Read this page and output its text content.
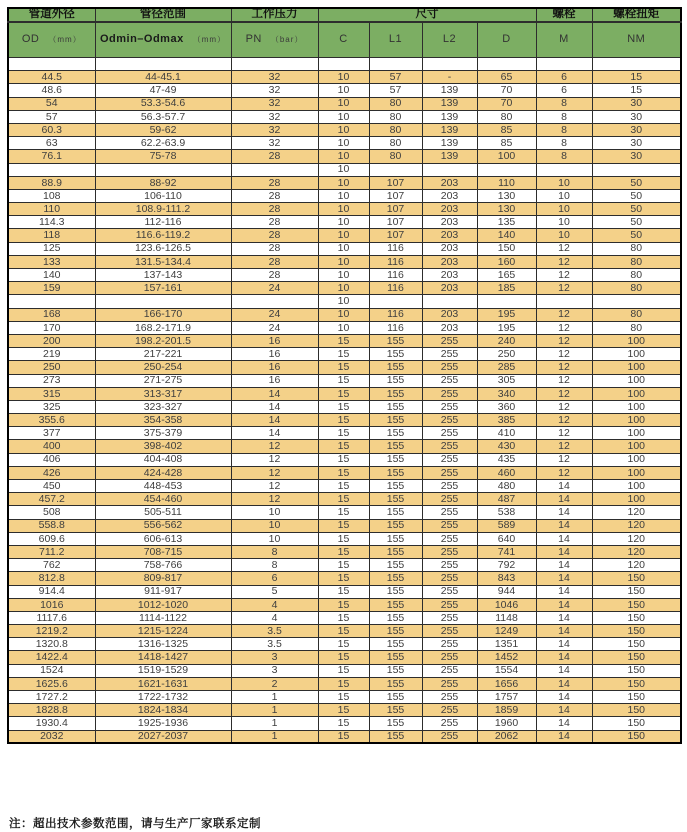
管道外径	管径范围	工作压力	尺寸				螺栓	螺栓扭矩
OD （mm）	Odmin–Odmax （mm）	PN （bar）	C	L1	L2	D	M	NM

44.5	44-45.1	32	10	57	-	65	6	15
48.6	47-49	32	10	57	139	70	6	15
54	53.3-54.6	32	10	80	139	70	8	30
57	56.3-57.7	32	10	80	139	80	8	30
60.3	59-62	32	10	80	139	85	8	30
63	62.2-63.9	32	10	80	139	85	8	30
76.1	75-78	28	10	80	139	100	8	30
			10					
88.9	88-92	28	10	107	203	110	10	50
108	106-110	28	10	107	203	130	10	50
110	108.9-111.2	28	10	107	203	130	10	50
114.3	112-116	28	10	107	203	135	10	50
118	116.6-119.2	28	10	107	203	140	10	50
125	123.6-126.5	28	10	116	203	150	12	80
133	131.5-134.4	28	10	116	203	160	12	80
140	137-143	28	10	116	203	165	12	80
159	157-161	24	10	116	203	185	12	80
			10					
168	166-170	24	10	116	203	195	12	80
170	168.2-171.9	24	10	116	203	195	12	80
200	198.2-201.5	16	15	155	255	240	12	100
219	217-221	16	15	155	255	250	12	100
250	250-254	16	15	155	255	285	12	100
273	271-275	16	15	155	255	305	12	100
315	313-317	14	15	155	255	340	12	100
325	323-327	14	15	155	255	360	12	100
355.6	354-358	14	15	155	255	385	12	100
377	375-379	14	15	155	255	410	12	100
400	398-402	12	15	155	255	430	12	100
406	404-408	12	15	155	255	435	12	100
426	424-428	12	15	155	255	460	12	100
450	448-453	12	15	155	255	480	14	100
457.2	454-460	12	15	155	255	487	14	100
508	505-511	10	15	155	255	538	14	120
558.8	556-562	10	15	155	255	589	14	120
609.6	606-613	10	15	155	255	640	14	120
711.2	708-715	8	15	155	255	741	14	120
762	758-766	8	15	155	255	792	14	120
812.8	809-817	6	15	155	255	843	14	150
914.4	911-917	5	15	155	255	944	14	150
1016	1012-1020	4	15	155	255	1046	14	150
1117.6	1114-1122	4	15	155	255	1148	14	150
1219.2	1215-1224	3.5	15	155	255	1249	14	150
1320.8	1316-1325	3.5	15	155	255	1351	14	150
1422.4	1418-1427	3	15	155	255	1452	14	150
1524	1519-1529	3	15	155	255	1554	14	150
1625.6	1621-1631	2	15	155	255	1656	14	150
1727.2	1722-1732	1	15	155	255	1757	14	150
1828.8	1824-1834	1	15	155	255	1859	14	150
1930.4	1925-1936	1	15	155	255	1960	14	150
2032	2027-2037	1	15	155	255	2062	14	150
注：超出技术参数范围，请与生产厂家联系定制
